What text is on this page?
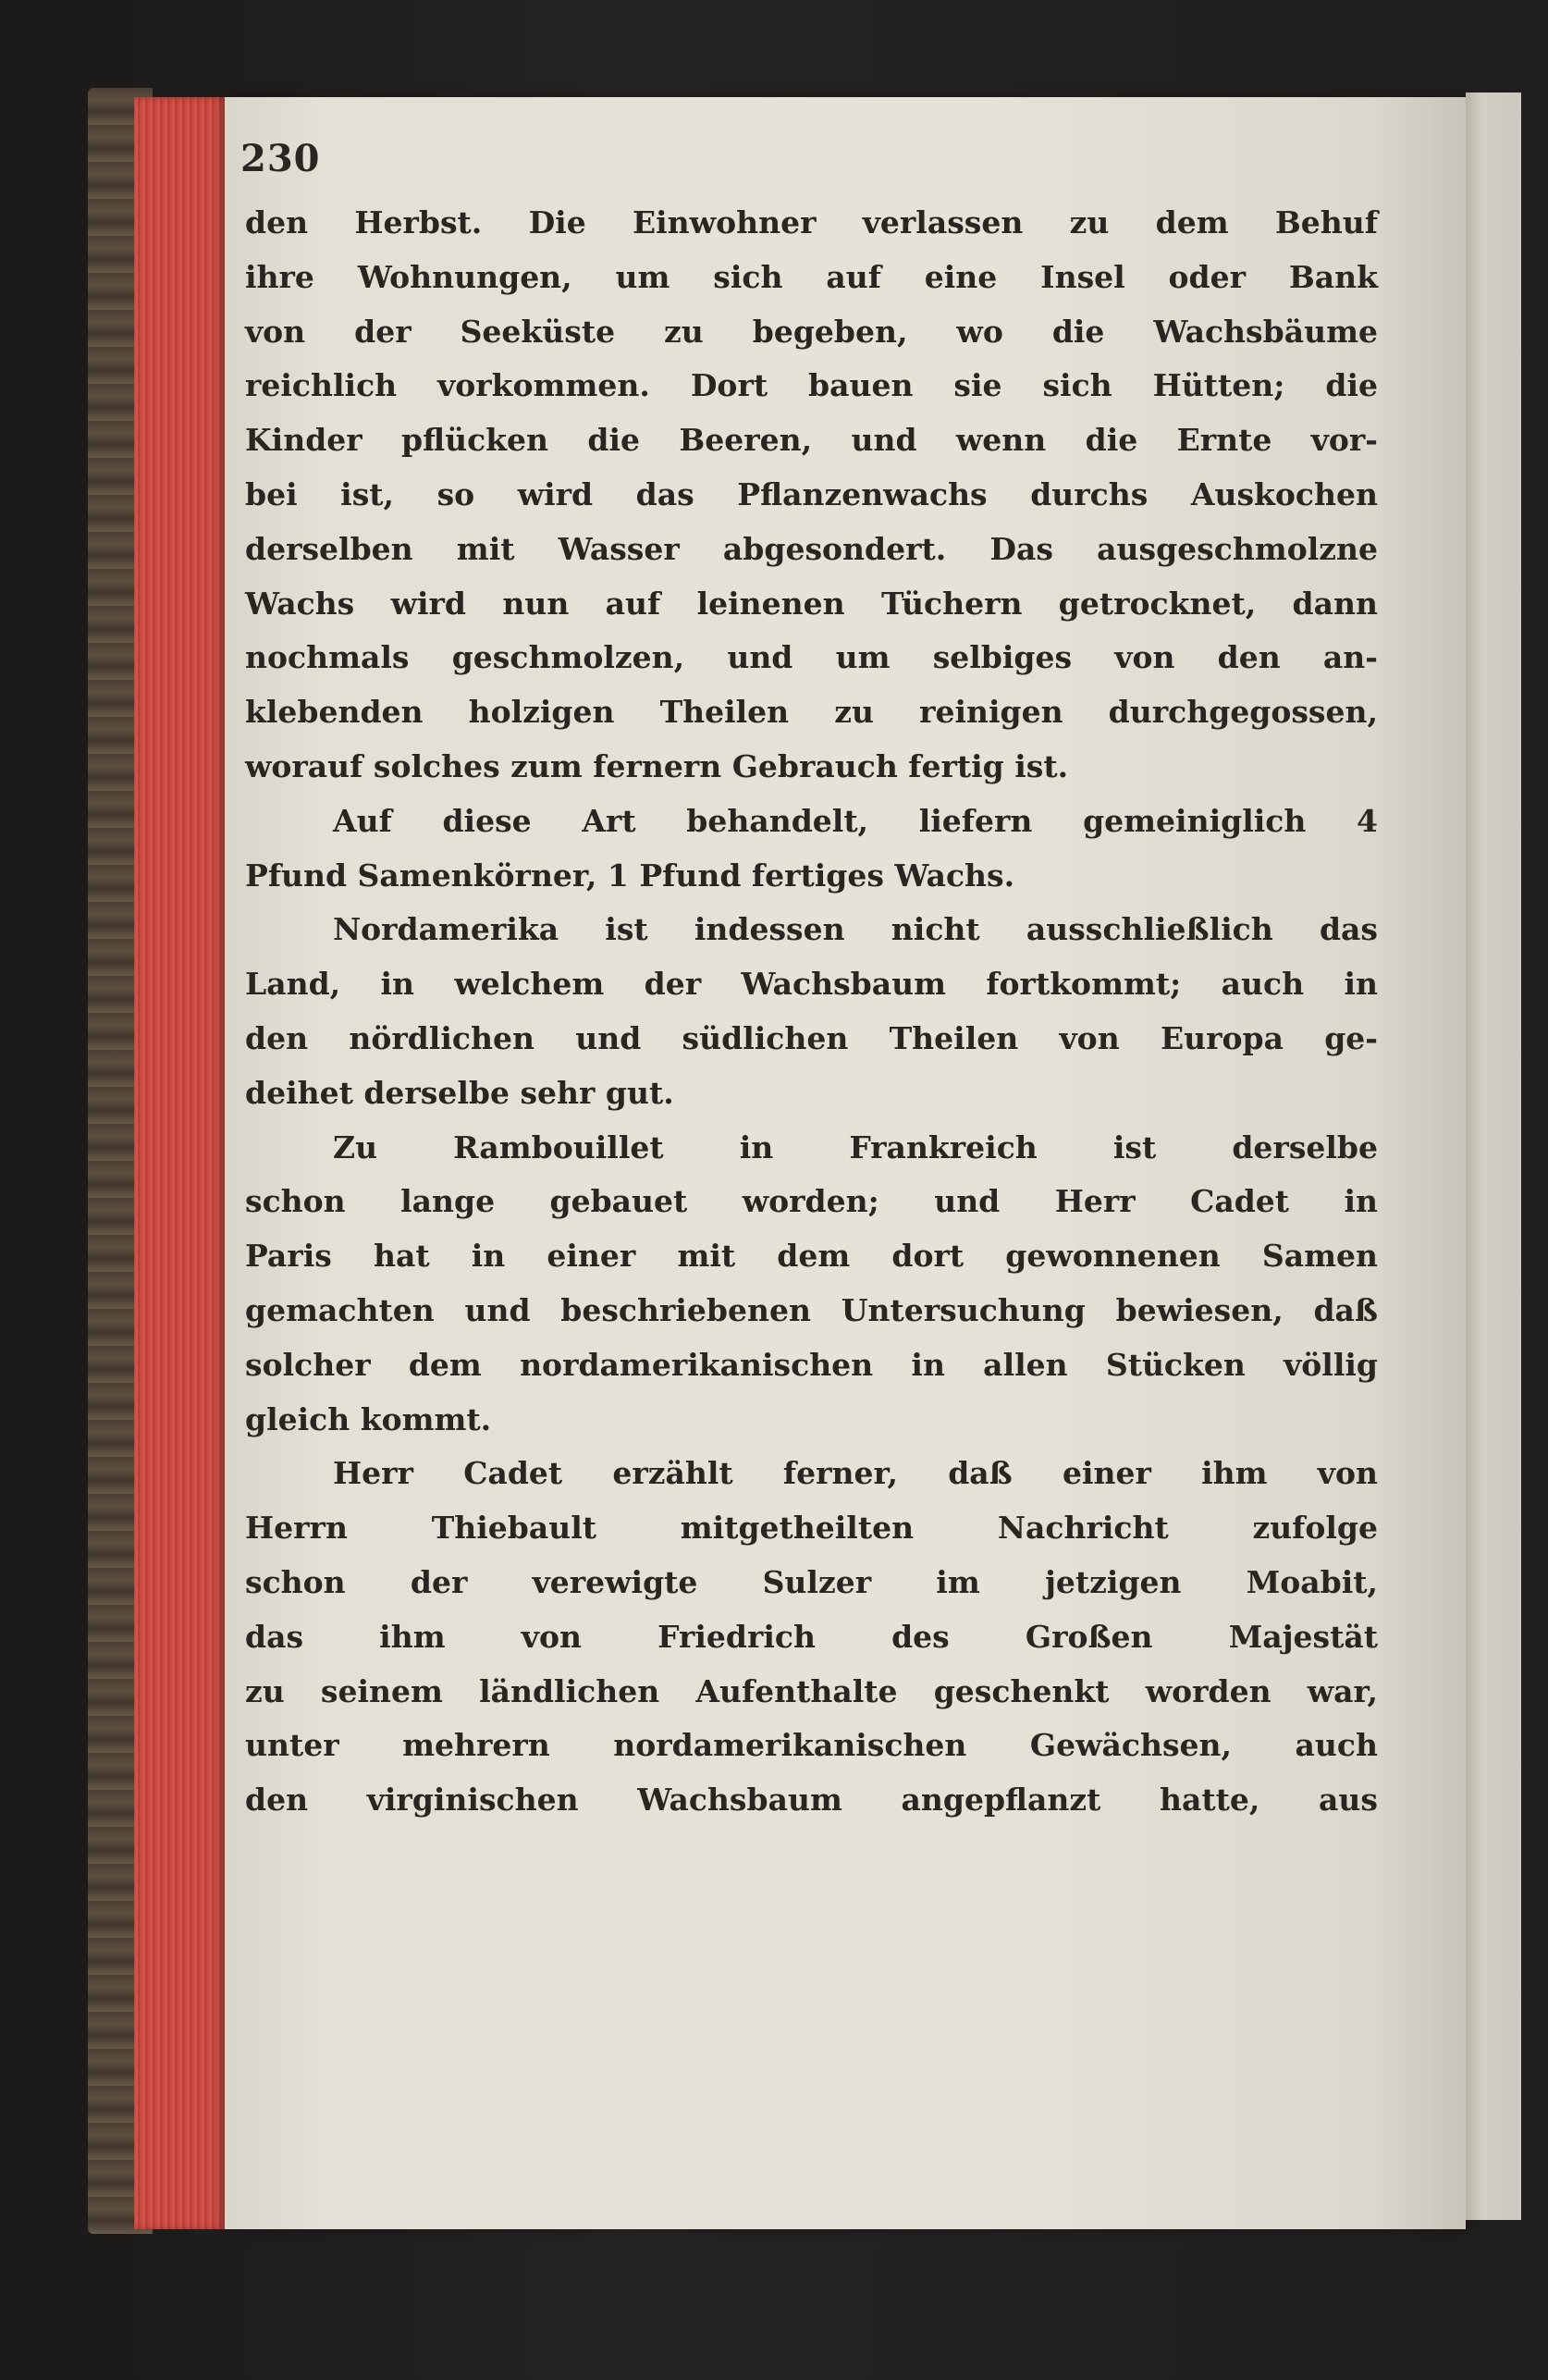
230
den Herbst. Die Einwohner verlassen zu dem Behuf
ihre Wohnungen, um sich auf eine Insel oder Bank
von der Seeküste zu begeben, wo die Wachsbäume
reichlich vorkommen. Dort bauen sie sich Hütten; die
Kinder pflücken die Beeren, und wenn die Ernte vor-
bei ist, so wird das Pflanzenwachs durchs Auskochen
derselben mit Wasser abgesondert. Das ausgeschmolzne
Wachs wird nun auf leinenen Tüchern getrocknet, dann
nochmals geschmolzen, und um selbiges von den an-
klebenden holzigen Theilen zu reinigen durchgegossen,
worauf solches zum fernern Gebrauch fertig ist.
Auf diese Art behandelt, liefern gemeiniglich 4
Pfund Samenkörner, 1 Pfund fertiges Wachs.
Nordamerika ist indessen nicht ausschließlich das
Land, in welchem der Wachsbaum fortkommt; auch in
den nördlichen und südlichen Theilen von Europa ge-
deihet derselbe sehr gut.
Zu Rambouillet in Frankreich ist derselbe
schon lange gebauet worden; und Herr Cadet in
Paris hat in einer mit dem dort gewonnenen Samen
gemachten und beschriebenen Untersuchung bewiesen, daß
solcher dem nordamerikanischen in allen Stücken völlig
gleich kommt.
Herr Cadet erzählt ferner, daß einer ihm von
Herrn Thiebault mitgetheilten Nachricht zufolge
schon der verewigte Sulzer im jetzigen Moabit,
das ihm von Friedrich des Großen Majestät
zu seinem ländlichen Aufenthalte geschenkt worden war,
unter mehrern nordamerikanischen Gewächsen, auch
den virginischen Wachsbaum angepflanzt hatte, aus
